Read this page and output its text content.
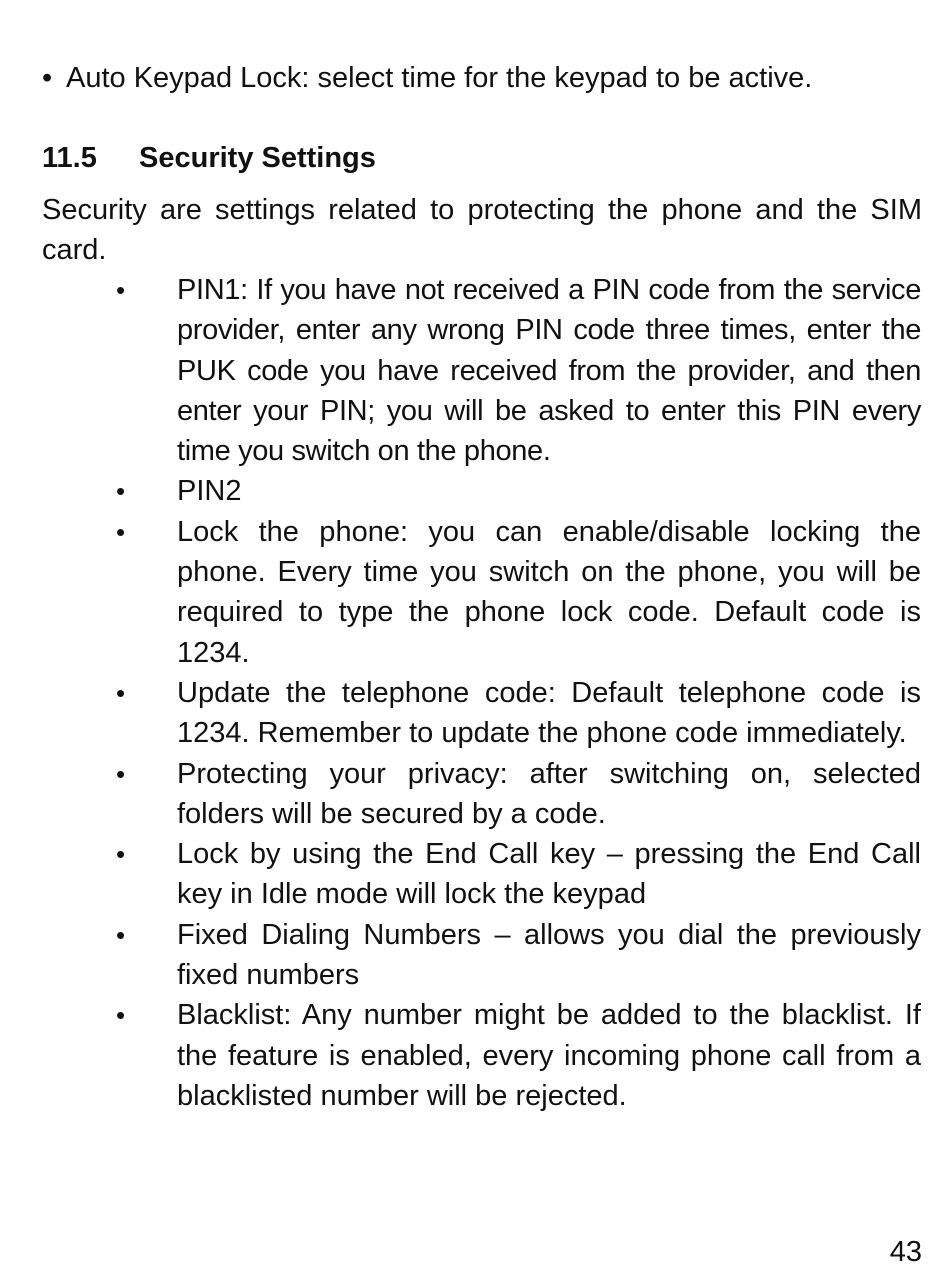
• Auto Keypad Lock: select time for the keypad to be active.
11.5 Security Settings
Security are settings related to protecting the phone and the SIM card.
• PIN1: If you have not received a PIN code from the service provider, enter any wrong PIN code three times, enter the PUK code you have received from the provider, and then enter your PIN; you will be asked to enter this PIN every time you switch on the phone.
• PIN2
• Lock the phone: you can enable/disable locking the phone. Every time you switch on the phone, you will be required to type the phone lock code. Default code is 1234.
• Update the telephone code: Default telephone code is 1234. Remember to update the phone code immediately.
• Protecting your privacy: after switching on, selected folders will be secured by a code.
• Lock by using the End Call key – pressing the End Call key in Idle mode will lock the keypad
• Fixed Dialing Numbers – allows you dial the previously fixed numbers
• Blacklist: Any number might be added to the blacklist. If the feature is enabled, every incoming phone call from a blacklisted number will be rejected.
43
